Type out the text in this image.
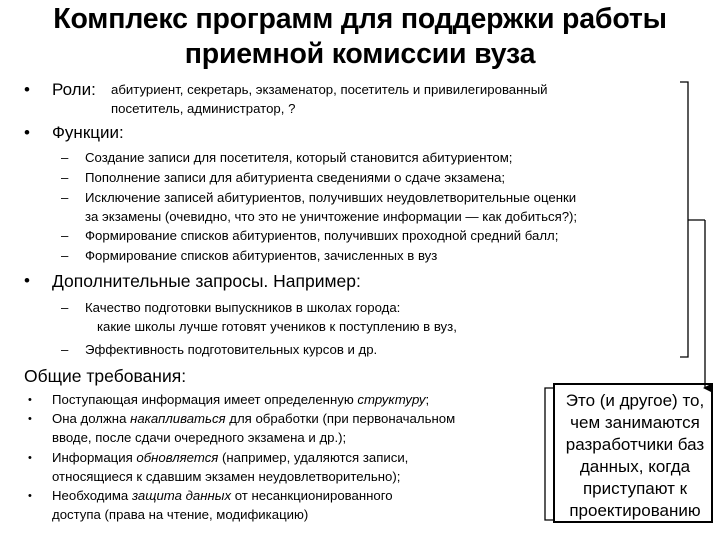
Комплекс программ для поддержки работы
приемной комиссии вуза
• Роли: абитуриент, секретарь, экзаменатор, посетитель и привилегированный
посетитель, администратор, ?
• Функции:
– Создание записи для посетителя, который становится абитуриентом;
– Пополнение записи для абитуриента сведениями о сдаче экзамена;
– Исключение записей абитуриентов, получивших неудовлетворительные оценки
за экзамены (очевидно, что это не уничтожение информации — как добиться?);
– Формирование списков абитуриентов, получивших проходной средний балл;
– Формирование списков абитуриентов, зачисленных в вуз
• Дополнительные запросы. Например:
– Качество подготовки выпускников в школах города:
какие школы лучше готовят учеников к поступлению в вуз,
– Эффективность подготовительных курсов и др.
Общие требования:
• Поступающая информация имеет определенную структуру;
• Она должна накапливаться для обработки (при первоначальном
вводе, после сдачи очередного экзамена и др.);
• Информация обновляется (например, удаляются записи,
относящиеся к сдавшим экзамен неудовлетворительно);
• Необходима защита данных от несанкционированного
доступа (права на чтение, модификацию)
Это (и другое) то,
чем занимаются
разработчики баз
данных, когда
приступают к
проектированию
